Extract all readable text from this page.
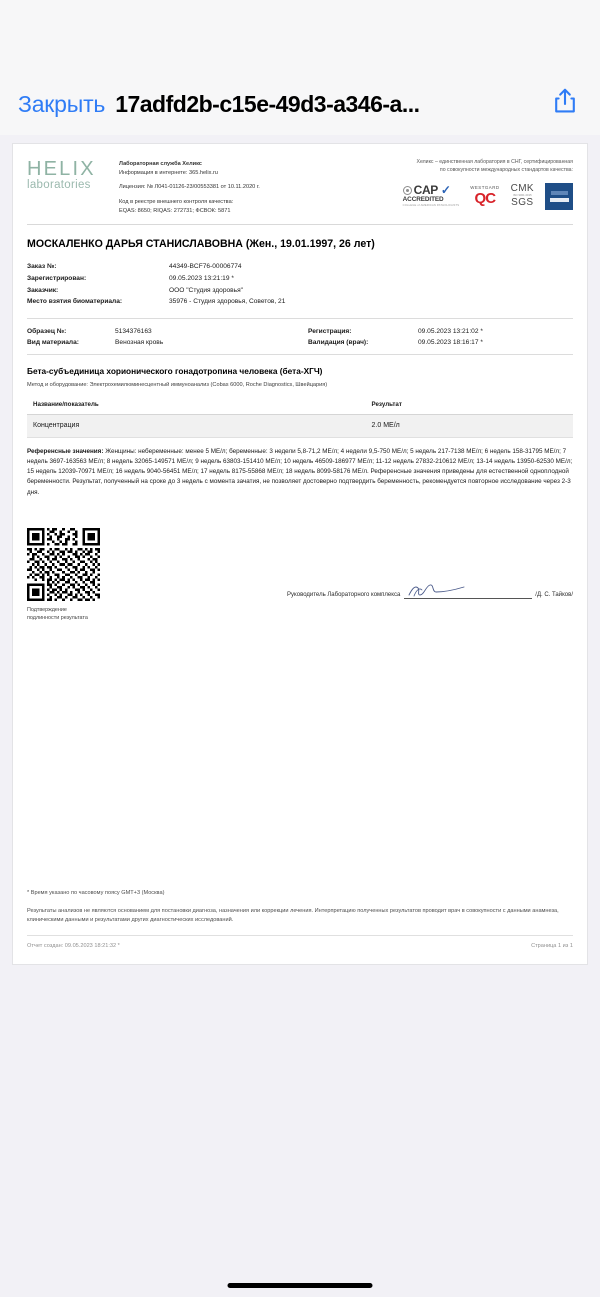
Закрыть 17adfd2b-c15e-49d3-a346-a...
HELIX
laboratories
Лабораторная служба Хеликс
Информация в интернете: 365.helix.ru
Лицензия: № Л041-01126-23/00553381 от 10.11.2020 г.
Код в реестре внешнего контроля качества:
EQAS: 8650; RIQAS: 272731; ФСВОК: 5871
Хеликс – единственная лаборатория в СНГ, сертифицированная
по совокупности международных стандартов качества:
CAP ✓
ACCREDITED
COLLEGE of AMERICAN PATHOLOGISTS
WESTGARD
QC
CMK
ISO 9001:2015
SGS
МОСКАЛЕНКО ДАРЬЯ СТАНИСЛАВОВНА (Жен., 19.01.1997, 26 лет)
Заказ №:	44349-BCF76-00006774
Зарегистрирован:	09.05.2023 13:21:19 *
Заказчик:	ООО "Студия здоровья"
Место взятия биоматериала:	35976 - Студия здоровья, Советов, 21
Образец №:	5134376163
Вид материала:	Венозная кровь
Регистрация:	09.05.2023 13:21:02 *
Валидация (врач):	09.05.2023 18:16:17 *
Бета-субъединица хорионического гонадотропина человека (бета-ХГЧ)
Метод и оборудование: Электрохемилюминесцентный иммуноанализ (Cobas 6000, Roche Diagnostics, Швейцария)
Название/показатель	Результат
Концентрация	2.0 МЕ/л
Референсные значения: Женщины: небеременные: менее 5 МЕ/л; беременные: 3 недели 5,8-71,2 МЕ/л; 4 недели 9,5-750 МЕ/л; 5 недель 217-7138 МЕ/л; 6 недель 158-31795 МЕ/л; 7 недель 3697-163563 МЕ/л; 8 недель 32065-149571 МЕ/л; 9 недель 63803-151410 МЕ/л; 10 недель 46509-186977 МЕ/л; 11-12 недель 27832-210612 МЕ/л; 13-14 недель 13950-62530 МЕ/л; 15 недель 12039-70971 МЕ/л; 16 недель 9040-56451 МЕ/л; 17 недель 8175-55868 МЕ/л; 18 недель 8099-58176 МЕ/л. Референсные значения приведены для естественной одноплодной беременности. Результат, полученный на сроке до 3 недель с момента зачатия, не позволяет достоверно подтвердить беременность, рекомендуется повторное исследование через 2-3 дня.
Подтверждение
подлинности результата
Руководитель Лабораторного комплекса	/Д. С. Тайков/
* Время указано по часовому поясу GMT+3 (Москва)
Результаты анализов не являются основанием для постановки диагноза, назначения или коррекции лечения. Интерпретацию полученных результатов проводит врач в совокупности с данными анамнеза, клиническими данными и результатами других диагностических исследований.
Отчет создан: 09.05.2023 18:21:32 *	Страница 1 из 1
